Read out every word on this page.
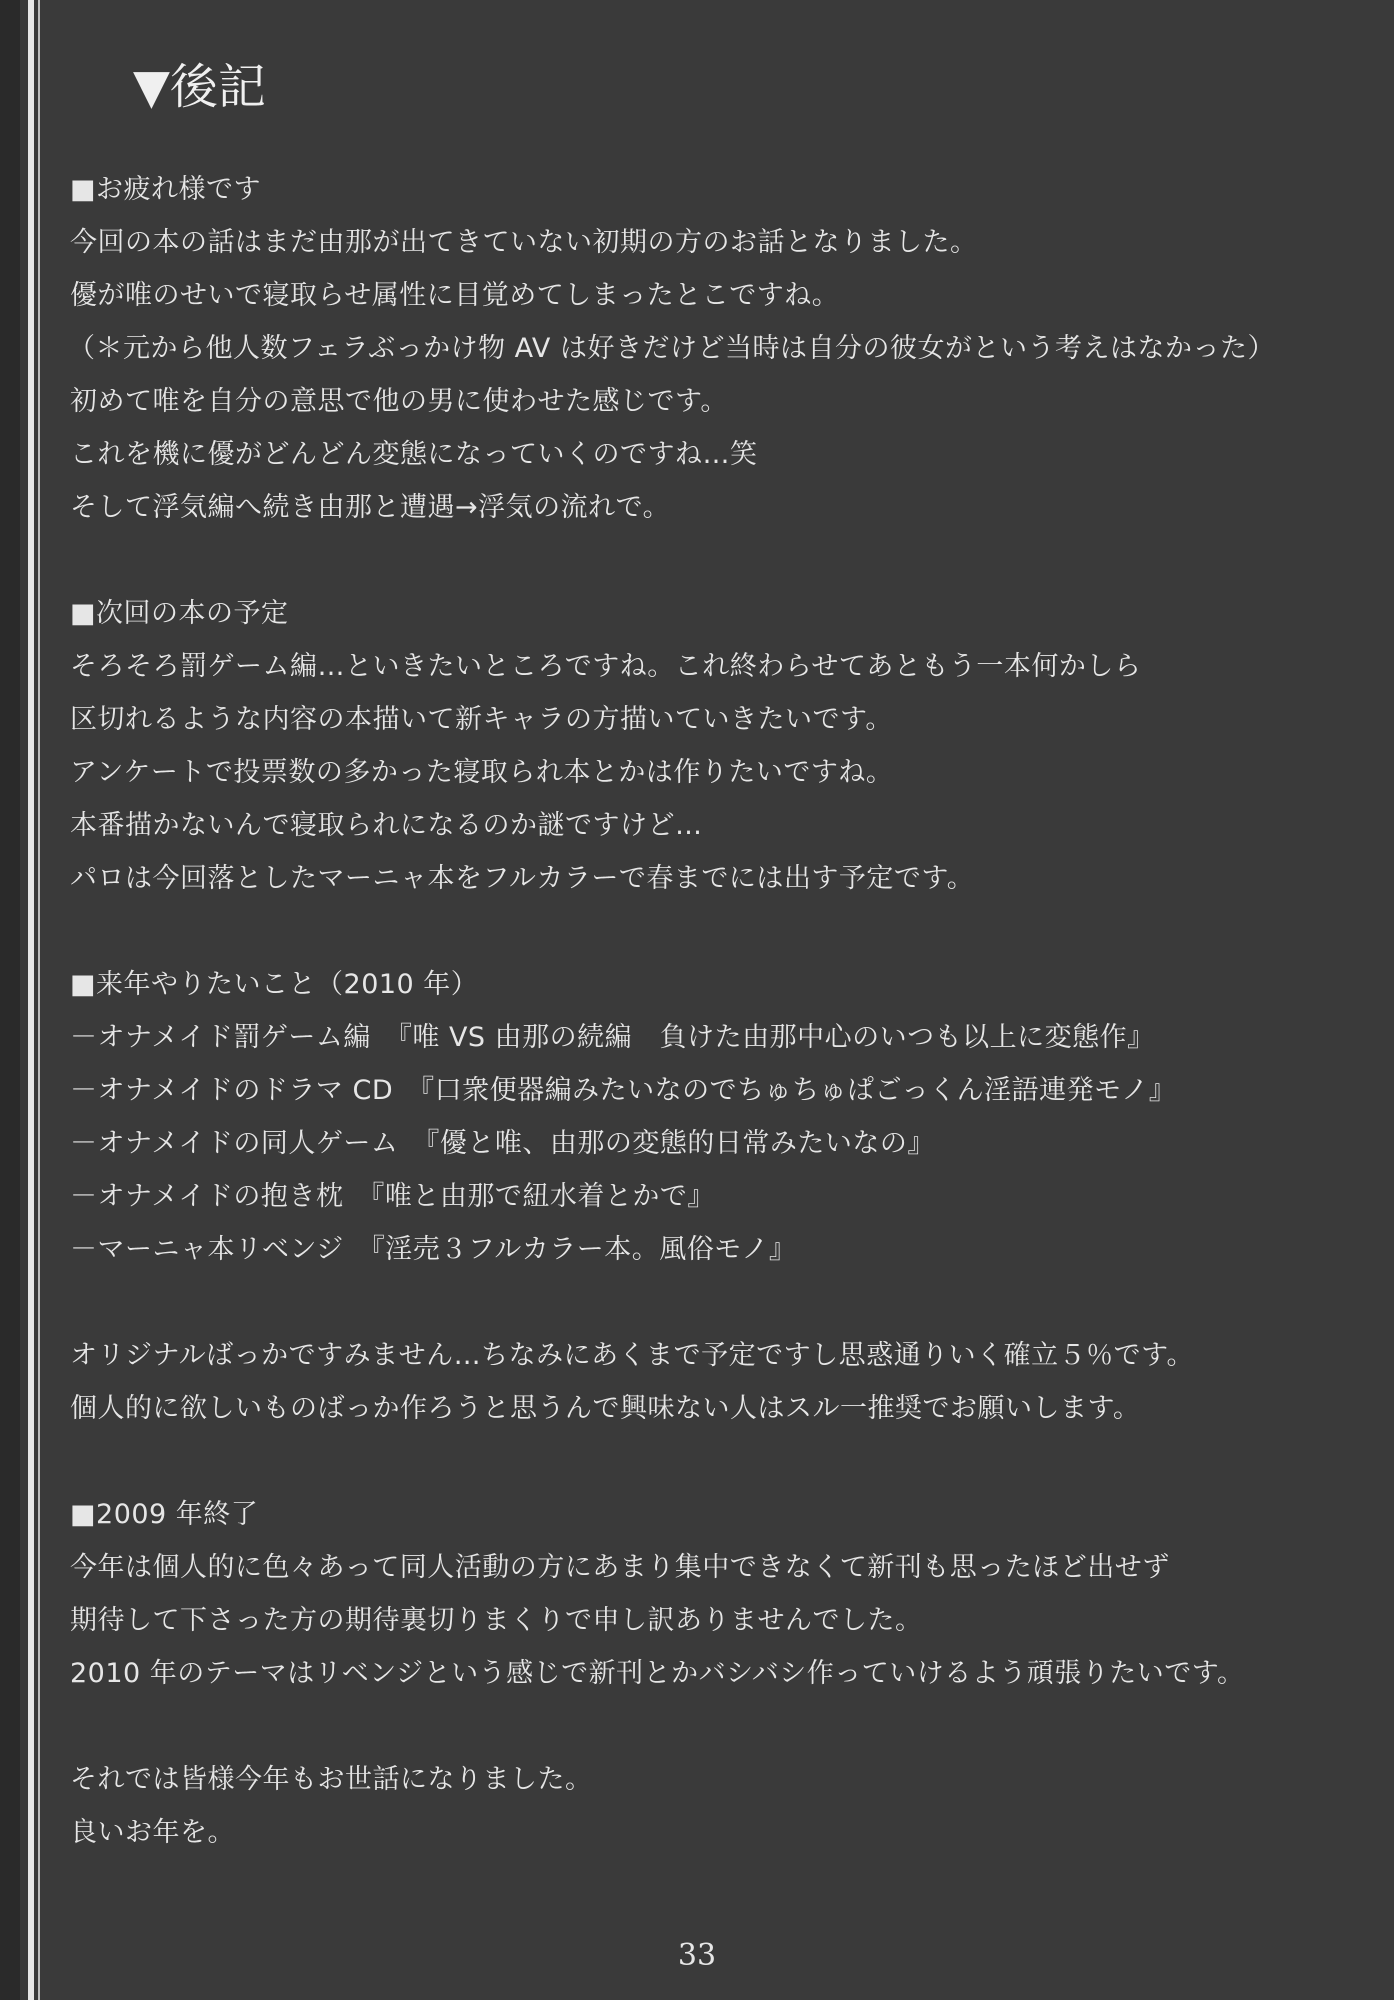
▼後記
■お疲れ様です
今回の本の話はまだ由那が出てきていない初期の方のお話となりました。
優が唯のせいで寝取らせ属性に目覚めてしまったとこですね。
（＊元から他人数フェラぶっかけ物 AV は好きだけど当時は自分の彼女がという考えはなかった）
初めて唯を自分の意思で他の男に使わせた感じです。
これを機に優がどんどん変態になっていくのですね…笑
そして浮気編へ続き由那と遭遇→浮気の流れで。
■次回の本の予定
そろそろ罰ゲーム編…といきたいところですね。これ終わらせてあともう一本何かしら
区切れるような内容の本描いて新キャラの方描いていきたいです。
アンケートで投票数の多かった寝取られ本とかは作りたいですね。
本番描かないんで寝取られになるのか謎ですけど…
パロは今回落としたマーニャ本をフルカラーで春までには出す予定です。
■来年やりたいこと（2010 年）
－オナメイド罰ゲーム編　『唯 VS 由那の続編　負けた由那中心のいつも以上に変態作』
－オナメイドのドラマ CD　『口衆便器編みたいなのでちゅちゅぱごっくん淫語連発モノ』
－オナメイドの同人ゲーム　『優と唯、由那の変態的日常みたいなの』
－オナメイドの抱き枕　『唯と由那で紐水着とかで』
－マーニャ本リベンジ　『淫売３フルカラー本。風俗モノ』
オリジナルばっかですみません…ちなみにあくまで予定ですし思惑通りいく確立５％です。
個人的に欲しいものばっか作ろうと思うんで興味ない人はスル一推奨でお願いします。
■2009 年終了
今年は個人的に色々あって同人活動の方にあまり集中できなくて新刊も思ったほど出せず
期待して下さった方の期待裏切りまくりで申し訳ありませんでした。
2010 年のテーマはリベンジという感じで新刊とかバシバシ作っていけるよう頑張りたいです。
それでは皆様今年もお世話になりました。
良いお年を。
33
